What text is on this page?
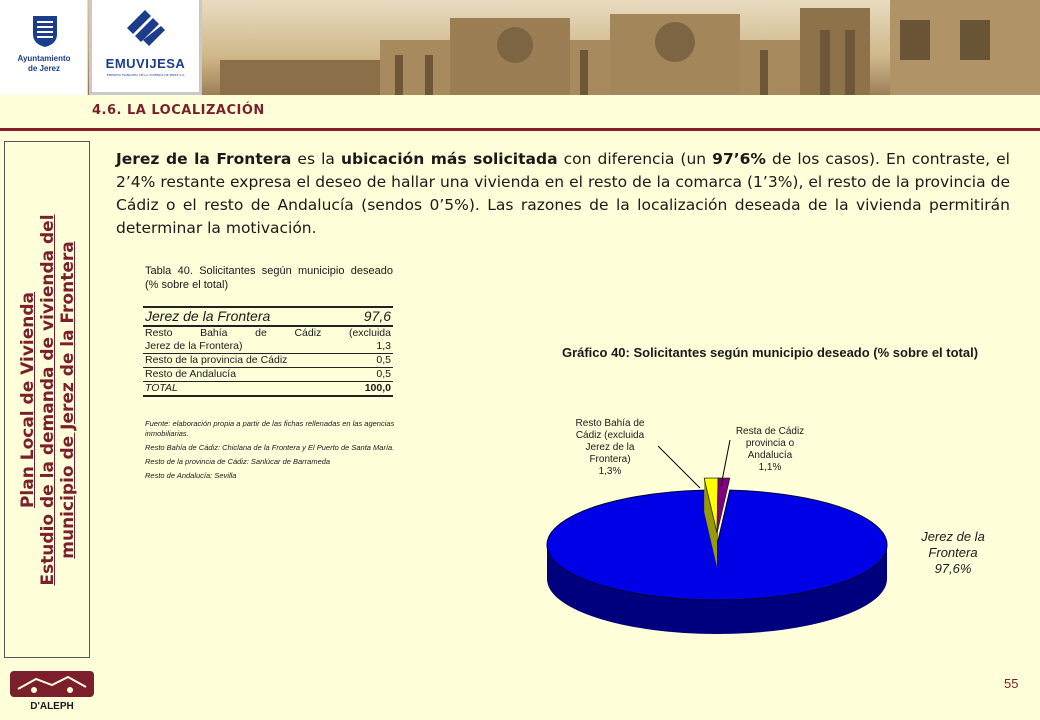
Ayuntamiento
de Jerez	EMUVIJESA
EMPRESA MUNICIPAL DE LA VIVIENDA DE JEREZ S.A.
4.6. LA LOCALIZACIÓN
Plan Local de Vivienda Estudio de la demanda de vivienda del municipio de Jerez de la Frontera

Jerez de la Frontera es la ubicación más solicitada con diferencia (un 97’6% de los casos). En contraste, el 2’4% restante expresa el deseo de hallar una vivienda en el resto de la comarca (1’3%), el resto de la provincia de Cádiz o el resto de Andalucía (sendos 0’5%). Las razones de la localización deseada de la vivienda permitirán determinar la motivación.

Tabla 40. Solicitantes según municipio deseado (% sobre el total)
Jerez de la Frontera	97,6
Resto Bahía de Cádiz (excluida
Jerez de la Frontera)	1,3
Resto de la provincia de Cádiz	0,5
Resto de Andalucía	0,5
TOTAL	100,0

Fuente: elaboración propia a partir de las fichas rellenadas en las agencias inmobiliarias.

Resto Bahía de Cádiz: Chiclana de la Frontera y El Puerto de Santa María.

Resto de la provincia de Cádiz: Sanlúcar de Barrameda

Resto de Andalucía: Sevilla

Gráfico 40: Solicitantes según municipio deseado (% sobre el total)
Resto Bahía de
Cádiz (excluida
Jerez de la
Frontera)
1,3%
Resta de Cádiz
provincia o
Andalucía
1,1%
Jerez de la
Frontera
97,6%
D'ALEPH
55
